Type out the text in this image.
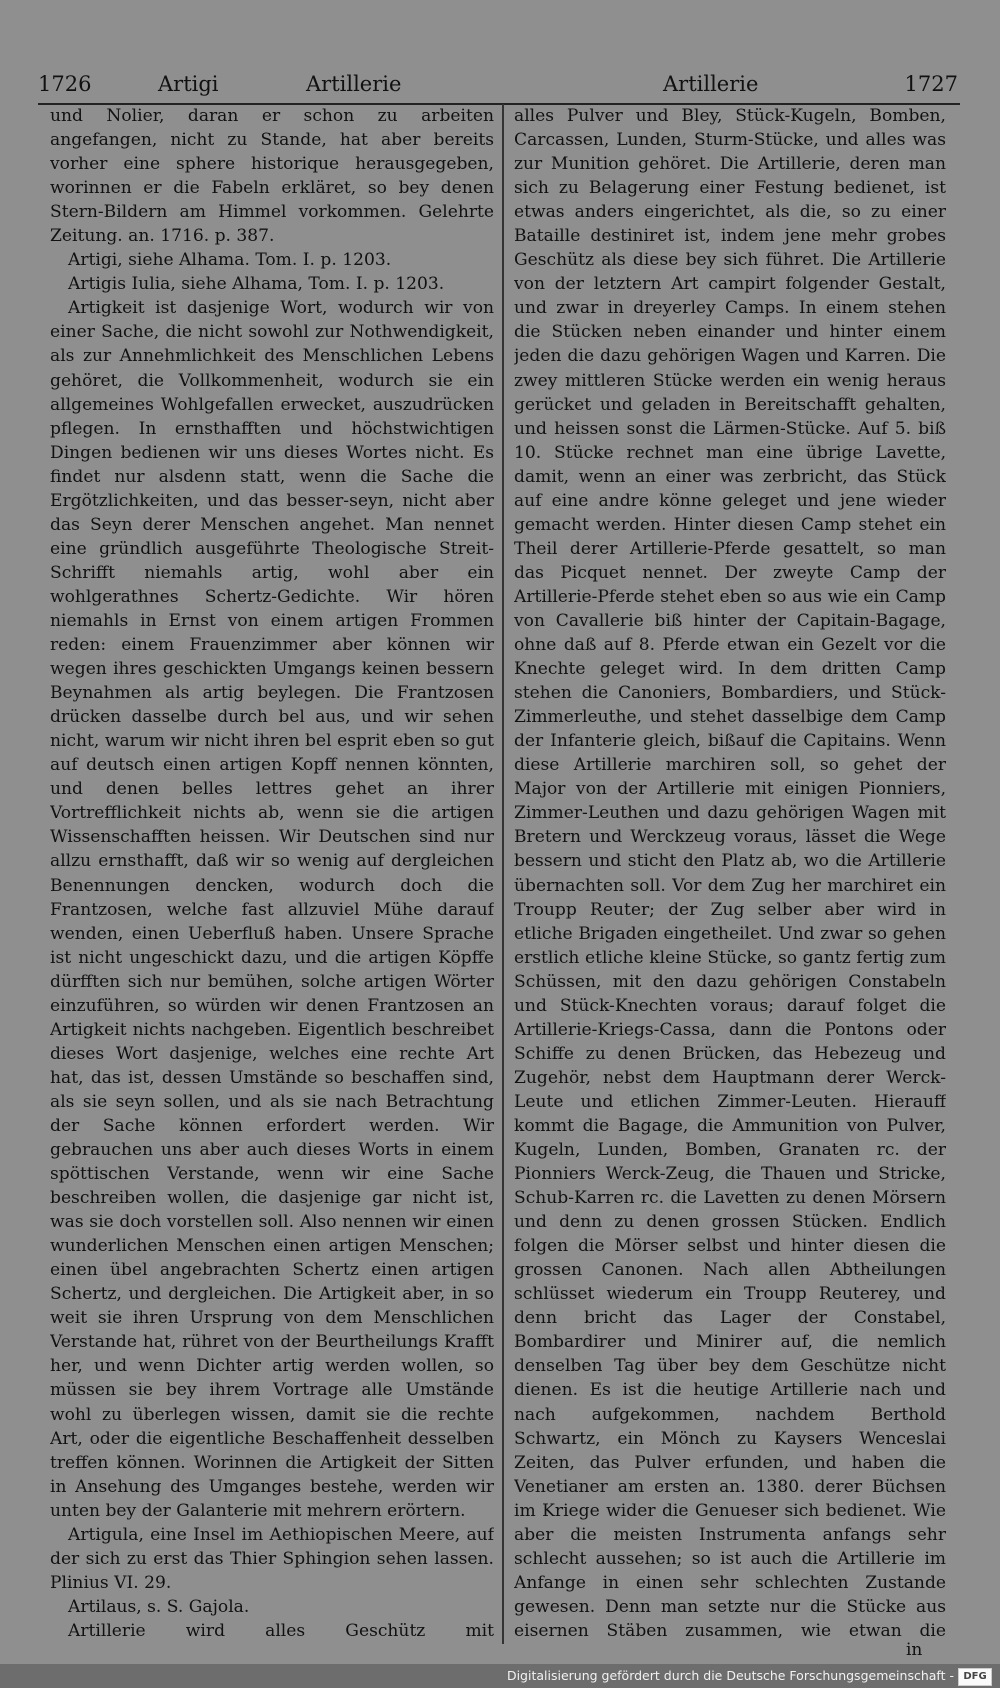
1726	Artigi	Artillerie	Artillerie	1727

und Nolier, daran er schon zu arbeiten angefangen, nicht zu Stande, hat aber bereits vorher eine sphere historique herausgegeben, worinnen er die Fabeln erkläret, so bey denen Stern-Bildern am Himmel vorkommen. Gelehrte Zeitung. an. 1716. p. 387.

Artigi, siehe Alhama. Tom. I. p. 1203.

Artigis Iulia, siehe Alhama, Tom. I. p. 1203.

Artigkeit ist dasjenige Wort, wodurch wir von einer Sache, die nicht sowohl zur Nothwendigkeit, als zur Annehmlichkeit des Menschlichen Lebens gehöret, die Vollkommenheit, wodurch sie ein allgemeines Wohlgefallen erwecket, auszudrücken pflegen. In ernsthafften und höchstwichtigen Dingen bedienen wir uns dieses Wortes nicht. Es findet nur alsdenn statt, wenn die Sache die Ergötzlichkeiten, und das besser-seyn, nicht aber das Seyn derer Menschen angehet. Man nennet eine gründlich ausgeführte Theologische Streit-Schrifft niemahls artig, wohl aber ein wohlgerathnes Schertz-Gedichte. Wir hören niemahls in Ernst von einem artigen Frommen reden: einem Frauenzimmer aber können wir wegen ihres geschickten Umgangs keinen bessern Beynahmen als artig beylegen. Die Frantzosen drücken dasselbe durch bel aus, und wir sehen nicht, warum wir nicht ihren bel esprit eben so gut auf deutsch einen artigen Kopff nennen könnten, und denen belles lettres gehet an ihrer Vortrefflichkeit nichts ab, wenn sie die artigen Wissenschafften heissen. Wir Deutschen sind nur allzu ernsthafft, daß wir so wenig auf dergleichen Benennungen dencken, wodurch doch die Frantzosen, welche fast allzuviel Mühe darauf wenden, einen Ueberfluß haben. Unsere Sprache ist nicht ungeschickt dazu, und die artigen Köpffe dürfften sich nur bemühen, solche artigen Wörter einzuführen, so würden wir denen Frantzosen an Artigkeit nichts nachgeben. Eigentlich beschreibet dieses Wort dasjenige, welches eine rechte Art hat, das ist, dessen Umstände so beschaffen sind, als sie seyn sollen, und als sie nach Betrachtung der Sache können erfordert werden. Wir gebrauchen uns aber auch dieses Worts in einem spöttischen Verstande, wenn wir eine Sache beschreiben wollen, die dasjenige gar nicht ist, was sie doch vorstellen soll. Also nennen wir einen wunderlichen Menschen einen artigen Menschen; einen übel angebrachten Schertz einen artigen Schertz, und dergleichen. Die Artigkeit aber, in so weit sie ihren Ursprung von dem Menschlichen Verstande hat, rühret von der Beurtheilungs Krafft her, und wenn Dichter artig werden wollen, so müssen sie bey ihrem Vortrage alle Umstände wohl zu überlegen wissen, damit sie die rechte Art, oder die eigentliche Beschaffenheit desselben treffen können. Worinnen die Artigkeit der Sitten in Ansehung des Umganges bestehe, werden wir unten bey der Galanterie mit mehrern erörtern.

Artigula, eine Insel im Aethiopischen Meere, auf der sich zu erst das Thier Sphingion sehen lassen. Plinius VI. 29.

Artilaus, s. S. Gajola.

Artillerie wird alles Geschütz mit

alles Pulver und Bley, Stück-Kugeln, Bomben, Carcassen, Lunden, Sturm-Stücke, und alles was zur Munition gehöret. Die Artillerie, deren man sich zu Belagerung einer Festung bedienet, ist etwas anders eingerichtet, als die, so zu einer Bataille destiniret ist, indem jene mehr grobes Geschütz als diese bey sich führet. Die Artillerie von der letztern Art campirt folgender Gestalt, und zwar in dreyerley Camps. In einem stehen die Stücken neben einander und hinter einem jeden die dazu gehörigen Wagen und Karren. Die zwey mittleren Stücke werden ein wenig heraus gerücket und geladen in Bereitschafft gehalten, und heissen sonst die Lärmen-Stücke. Auf 5. biß 10. Stücke rechnet man eine übrige Lavette, damit, wenn an einer was zerbricht, das Stück auf eine andre könne geleget und jene wieder gemacht werden. Hinter diesen Camp stehet ein Theil derer Artillerie-Pferde gesattelt, so man das Picquet nennet. Der zweyte Camp der Artillerie-Pferde stehet eben so aus wie ein Camp von Cavallerie biß hinter der Capitain-Bagage, ohne daß auf 8. Pferde etwan ein Gezelt vor die Knechte geleget wird. In dem dritten Camp stehen die Canoniers, Bombardiers, und Stück-Zimmerleuthe, und stehet dasselbige dem Camp der Infanterie gleich, bißauf die Capitains. Wenn diese Artillerie marchiren soll, so gehet der Major von der Artillerie mit einigen Pionniers, Zimmer-Leuthen und dazu gehörigen Wagen mit Bretern und Werckzeug voraus, lässet die Wege bessern und sticht den Platz ab, wo die Artillerie übernachten soll. Vor dem Zug her marchiret ein Troupp Reuter; der Zug selber aber wird in etliche Brigaden eingetheilet. Und zwar so gehen erstlich etliche kleine Stücke, so gantz fertig zum Schüssen, mit den dazu gehörigen Constabeln und Stück-Knechten voraus; darauf folget die Artillerie-Kriegs-Cassa, dann die Pontons oder Schiffe zu denen Brücken, das Hebezeug und Zugehör, nebst dem Hauptmann derer Werck-Leute und etlichen Zimmer-Leuten. Hierauff kommt die Bagage, die Ammunition von Pulver, Kugeln, Lunden, Bomben, Granaten rc. der Pionniers Werck-Zeug, die Thauen und Stricke, Schub-Karren rc. die Lavetten zu denen Mörsern und denn zu denen grossen Stücken. Endlich folgen die Mörser selbst und hinter diesen die grossen Canonen. Nach allen Abtheilungen schlüsset wiederum ein Troupp Reuterey, und denn bricht das Lager der Constabel, Bombardirer und Minirer auf, die nemlich denselben Tag über bey dem Geschütze nicht dienen. Es ist die heutige Artillerie nach und nach aufgekommen, nachdem Berthold Schwartz, ein Mönch zu Kaysers Wenceslai Zeiten, das Pulver erfunden, und haben die Venetianer am ersten an. 1380. derer Büchsen im Kriege wider die Genueser sich bedienet. Wie aber die meisten Instrumenta anfangs sehr schlecht aussehen; so ist auch die Artillerie im Anfange in einen sehr schlechten Zustande gewesen. Denn man setzte nur die Stücke aus eisernen Stäben zusammen, wie etwan die

in
Digitalisierung gefördert durch die Deutsche Forschungsgemeinschaft - DFG
